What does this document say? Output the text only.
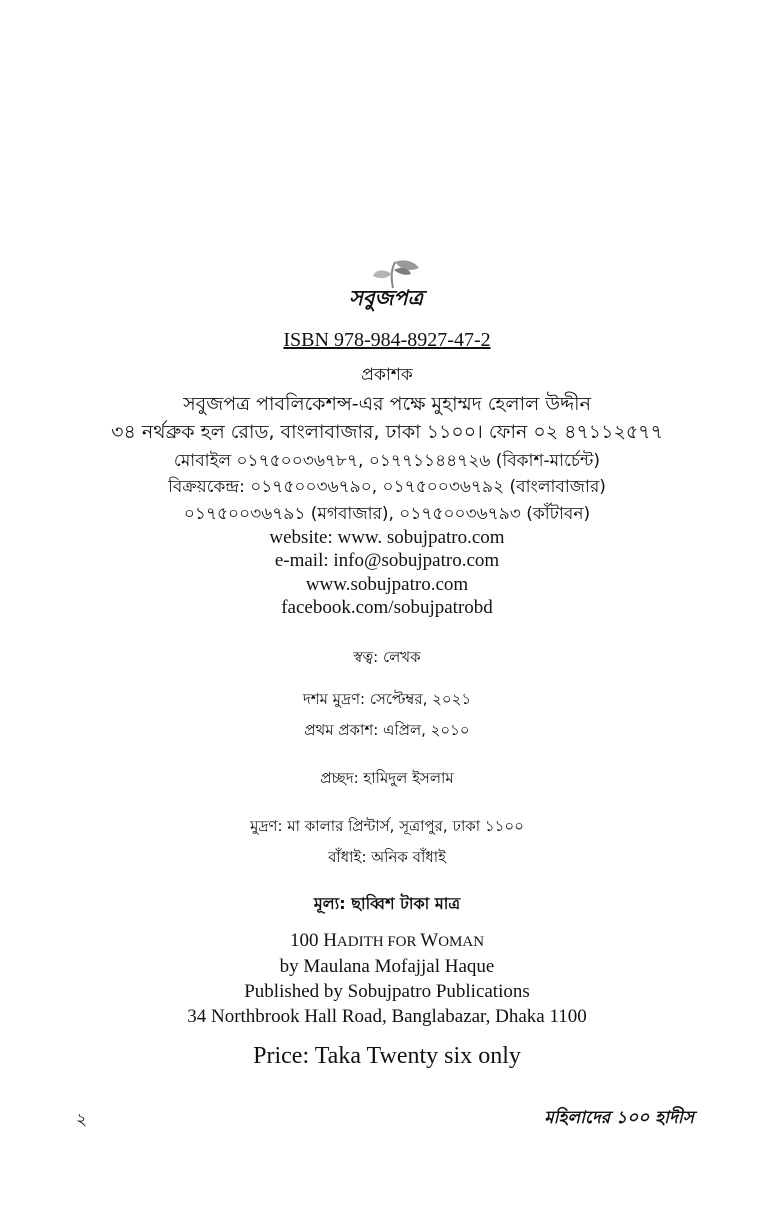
সবুজপত্র
ISBN 978-984-8927-47-2
প্রকাশক
সবুজপত্র পাবলিকেশন্স-এর পক্ষে মুহাম্মদ হেলাল উদ্দীন
৩৪ নর্থব্রুক হল রোড, বাংলাবাজার, ঢাকা ১১০০। ফোন ০২ ৪৭১১২৫৭৭
মোবাইল ০১৭৫০০৩৬৭৮৭, ০১৭৭১১৪৪৭২৬ (বিকাশ-মার্চেন্ট)
বিক্রয়কেন্দ্র: ০১৭৫০০৩৬৭৯০, ০১৭৫০০৩৬৭৯২ (বাংলাবাজার)
০১৭৫০০৩৬৭৯১ (মগবাজার), ০১৭৫০০৩৬৭৯৩ (কাঁটাবন)
website: www. sobujpatro.com
e-mail: info@sobujpatro.com
www.sobujpatro.com
facebook.com/sobujpatrobd
স্বত্ব: লেখক
দশম মুদ্রণ: সেপ্টেম্বর, ২০২১
প্রথম প্রকাশ: এপ্রিল, ২০১০
প্রচ্ছদ: হামিদুল ইসলাম
মুদ্রণ: মা কালার প্রিন্টার্স, সূত্রাপুর, ঢাকা ১১০০
বাঁধাই: অনিক বাঁধাই
মূল্য: ছাব্বিশ টাকা মাত্র
100 HADITH FOR WOMAN
by Maulana Mofajjal Haque
Published by Sobujpatro Publications
34 Northbrook Hall Road, Banglabazar, Dhaka 1100
Price: Taka Twenty six only
২	মহিলাদের ১০০ হাদীস
